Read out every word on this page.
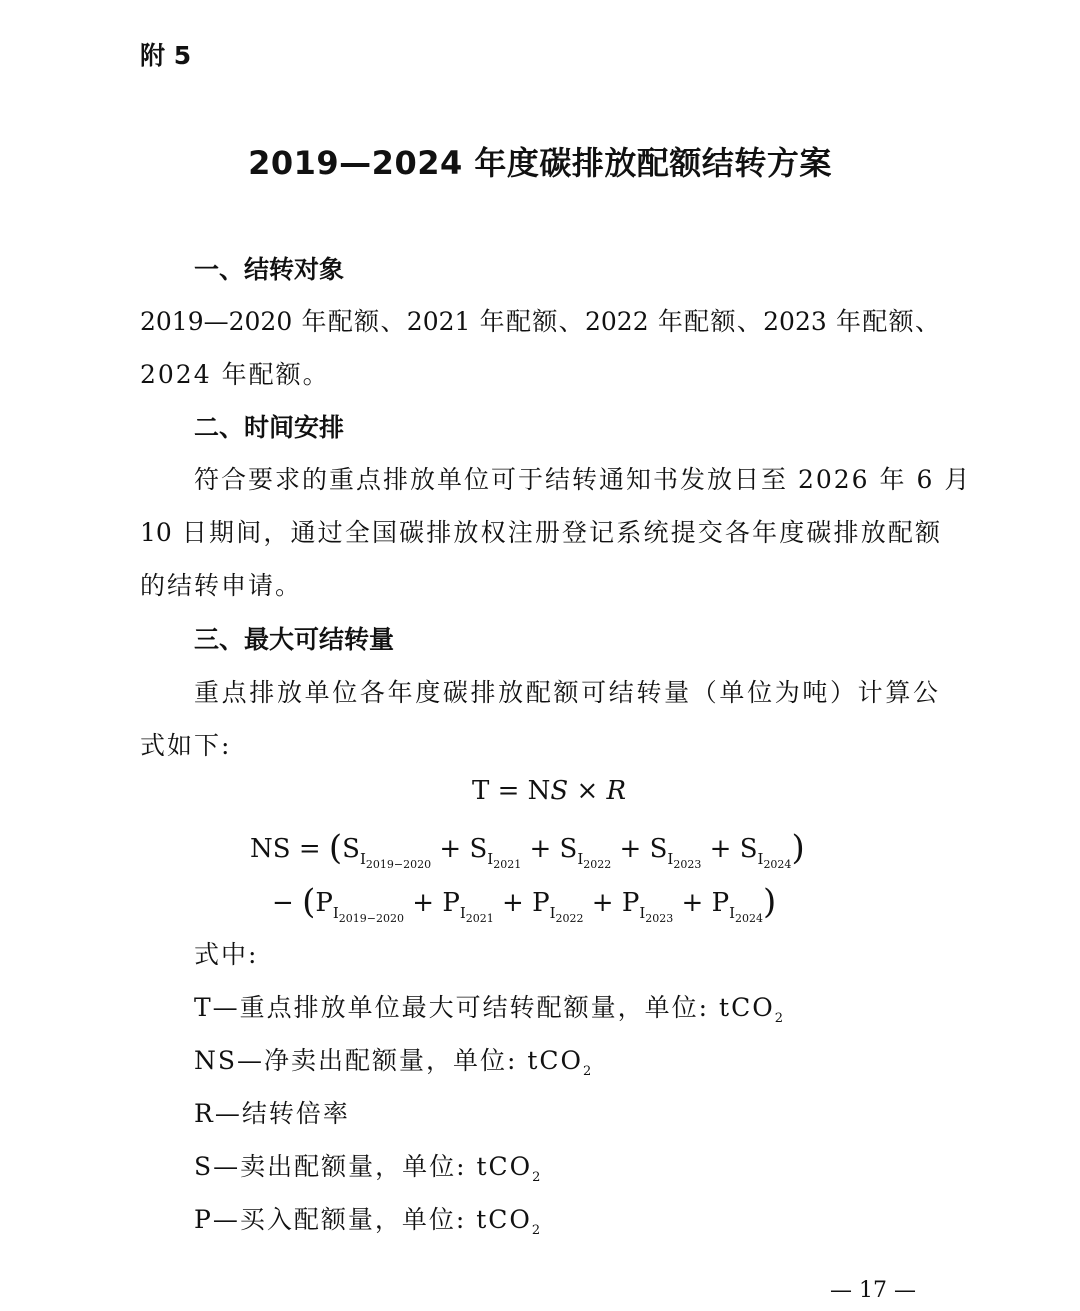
附 5
2019—2024 年度碳排放配额结转方案
一、结转对象
2019—2020 年配额、2021 年配额、2022 年配额、2023 年配额、
2024 年配额。
二、时间安排
符合要求的重点排放单位可于结转通知书发放日至 2026 年 6 月
10 日期间，通过全国碳排放权注册登记系统提交各年度碳排放配额
的结转申请。
三、最大可结转量
重点排放单位各年度碳排放配额可结转量（单位为吨）计算公
式如下:
T = NS × R
NS = $(S_{I2019-2020} + S_{I2021} + S_{I2022} + S_{I2023} + S_{I2024})$
− $(P_{I2019-2020} + P_{I2021} + P_{I2022} + P_{I2023} + P_{I2024})$
式中:
T—重点排放单位最大可结转配额量，单位: tCO$_2$
NS—净卖出配额量，单位: tCO$_2$
R—结转倍率
S—卖出配额量，单位: tCO$_2$
P—买入配额量，单位: tCO$_2$
— 17 —
